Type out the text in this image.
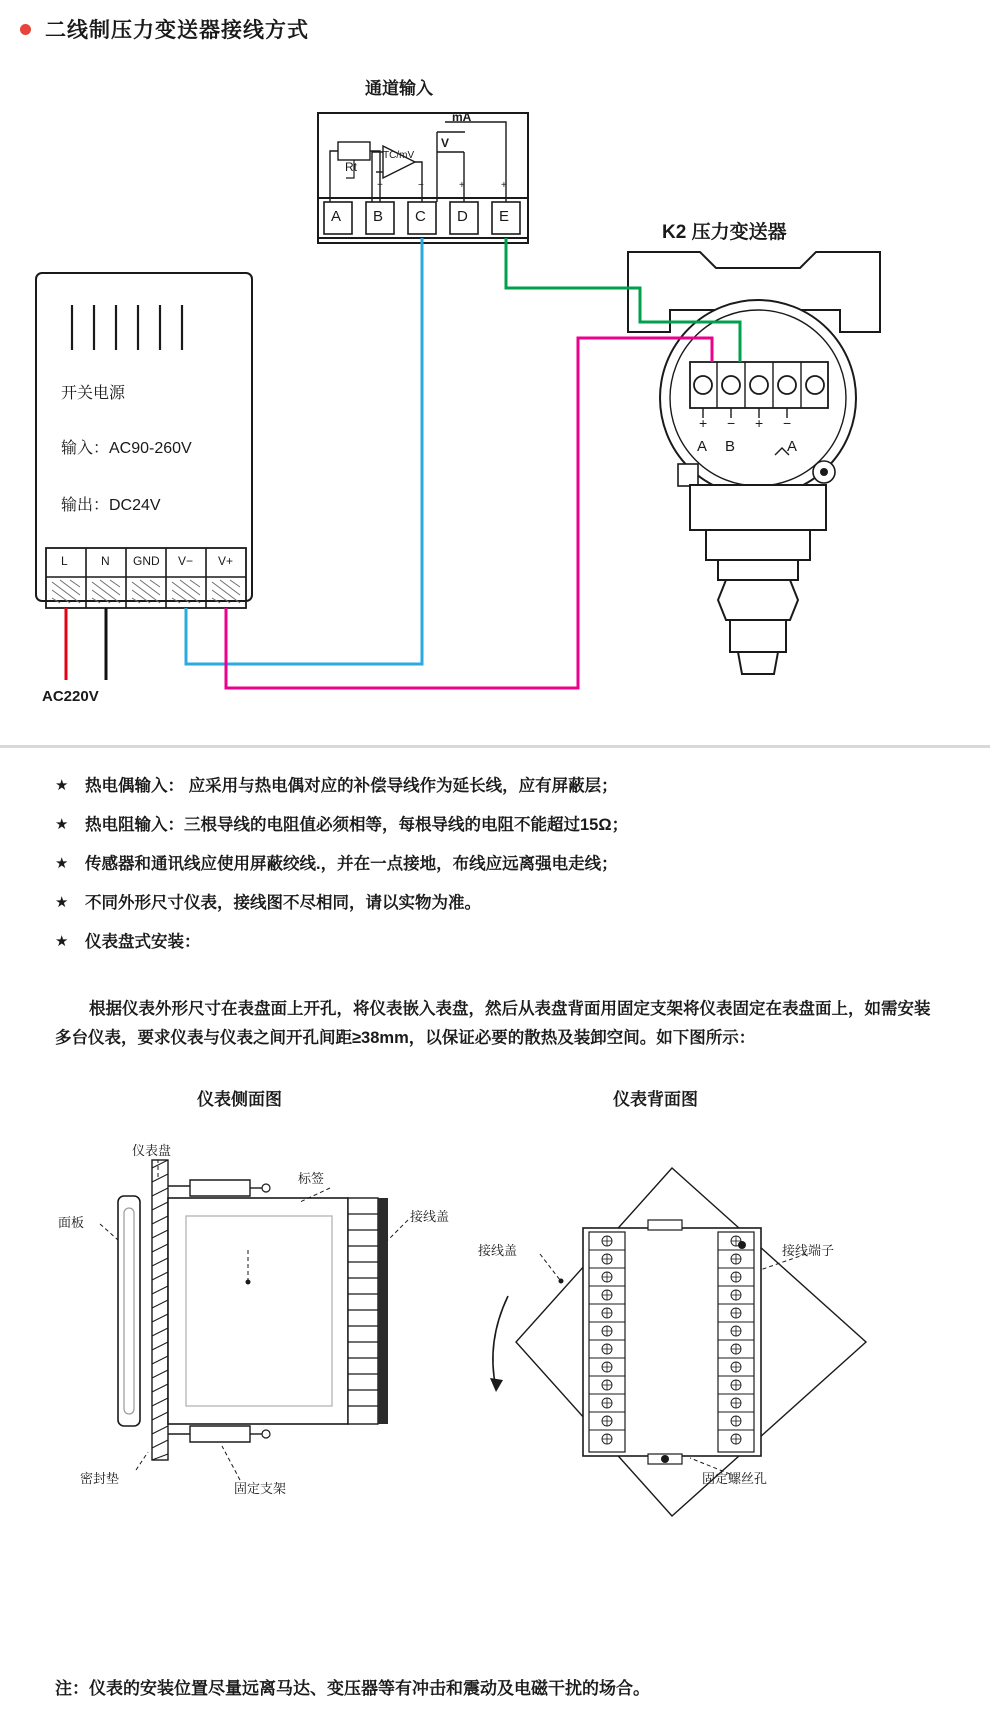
二线制压力变送器接线方式
通道输入
mA
V
Rt
TC/mV
+	−	+	+
A B C D E
开关电源
输入：AC90-260V
输出：DC24V
L	N GND V− V+
AC220V
K2 压力变送器
+ − + −
A B	A
★	热电偶输入： 应采用与热电偶对应的补偿导线作为延长线，应有屏蔽层；
★	热电阻输入：三根导线的电阻值必须相等，每根导线的电阻不能超过15Ω；
★	传感器和通讯线应使用屏蔽绞线.，并在一点接地，布线应远离强电走线；
★	不同外形尺寸仪表，接线图不尽相同，请以实物为准。
★	仪表盘式安装：
根据仪表外形尺寸在表盘面上开孔，将仪表嵌入表盘，然后从表盘背面用固定支架将仪表固定在表盘面上，如需安装多台仪表，要求仪表与仪表之间开孔间距≥38mm，以保证必要的散热及装卸空间。如下图所示：
仪表侧面图	仪表背面图
仪表盘
面板
标签
接线盖
密封垫
固定支架
接线盖	接线端子
固定螺丝孔
注：仪表的安装位置尽量远离马达、变压器等有冲击和震动及电磁干扰的场合。
